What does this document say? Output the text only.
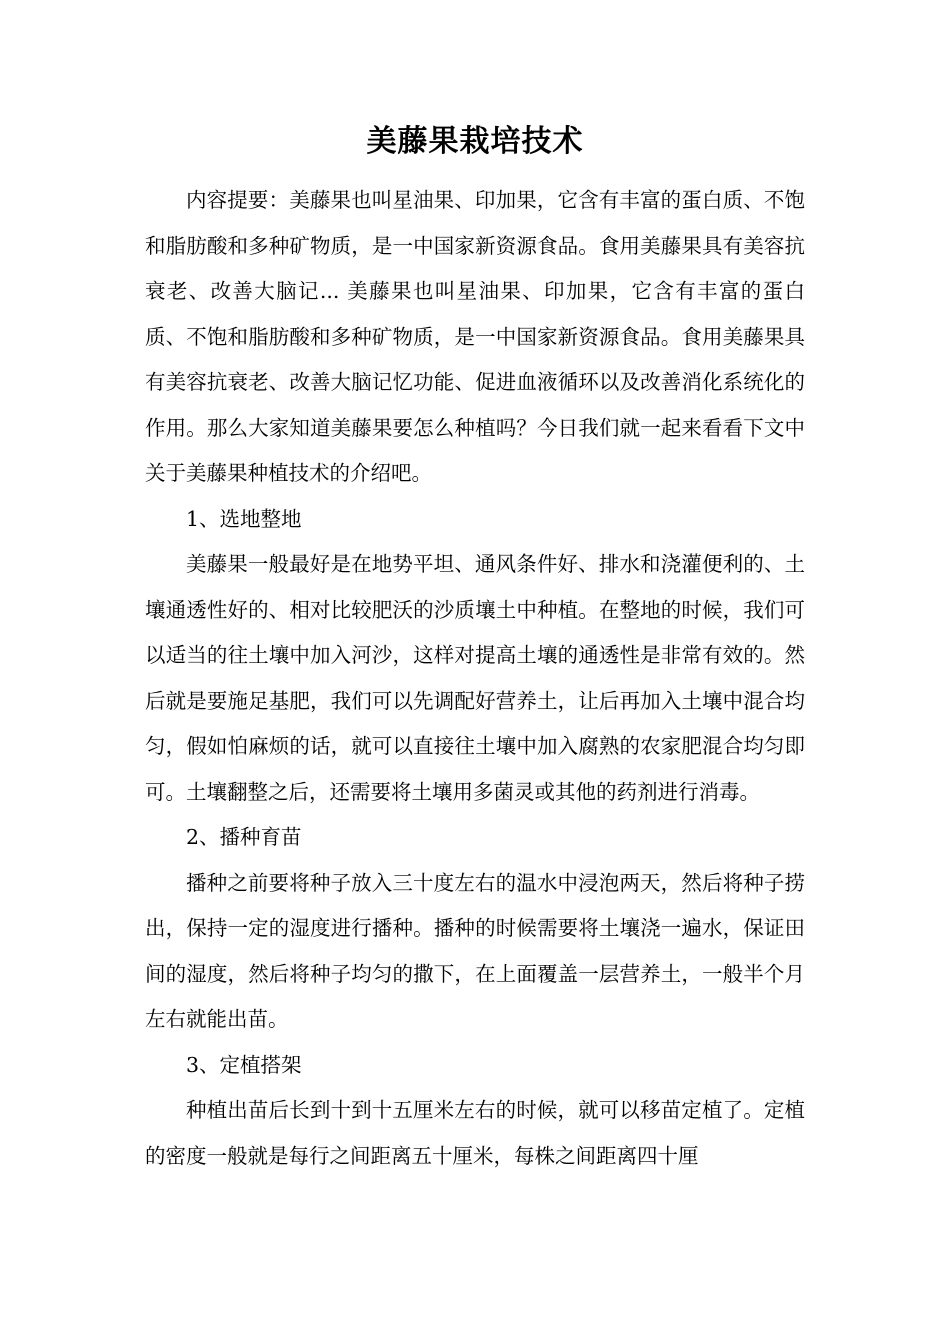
美藤果栽培技术

内容提要：美藤果也叫星油果、印加果，它含有丰富的蛋白质、不饱和脂肪酸和多种矿物质，是一中国家新资源食品。食用美藤果具有美容抗衰老、改善大脑记... 美藤果也叫星油果、印加果，它含有丰富的蛋白质、不饱和脂肪酸和多种矿物质，是一中国家新资源食品。食用美藤果具有美容抗衰老、改善大脑记忆功能、促进血液循环以及改善消化系统化的作用。那么大家知道美藤果要怎么种植吗？今日我们就一起来看看下文中关于美藤果种植技术的介绍吧。

1、选地整地

美藤果一般最好是在地势平坦、通风条件好、排水和浇灌便利的、土壤通透性好的、相对比较肥沃的沙质壤土中种植。在整地的时候，我们可以适当的往土壤中加入河沙，这样对提高土壤的通透性是非常有效的。然后就是要施足基肥，我们可以先调配好营养土，让后再加入土壤中混合均匀，假如怕麻烦的话，就可以直接往土壤中加入腐熟的农家肥混合均匀即可。土壤翻整之后，还需要将土壤用多菌灵或其他的药剂进行消毒。

2、播种育苗

播种之前要将种子放入三十度左右的温水中浸泡两天，然后将种子捞出，保持一定的湿度进行播种。播种的时候需要将土壤浇一遍水，保证田间的湿度，然后将种子均匀的撒下，在上面覆盖一层营养土，一般半个月左右就能出苗。

3、定植搭架

种植出苗后长到十到十五厘米左右的时候，就可以移苗定植了。定植的密度一般就是每行之间距离五十厘米，每株之间距离四十厘
